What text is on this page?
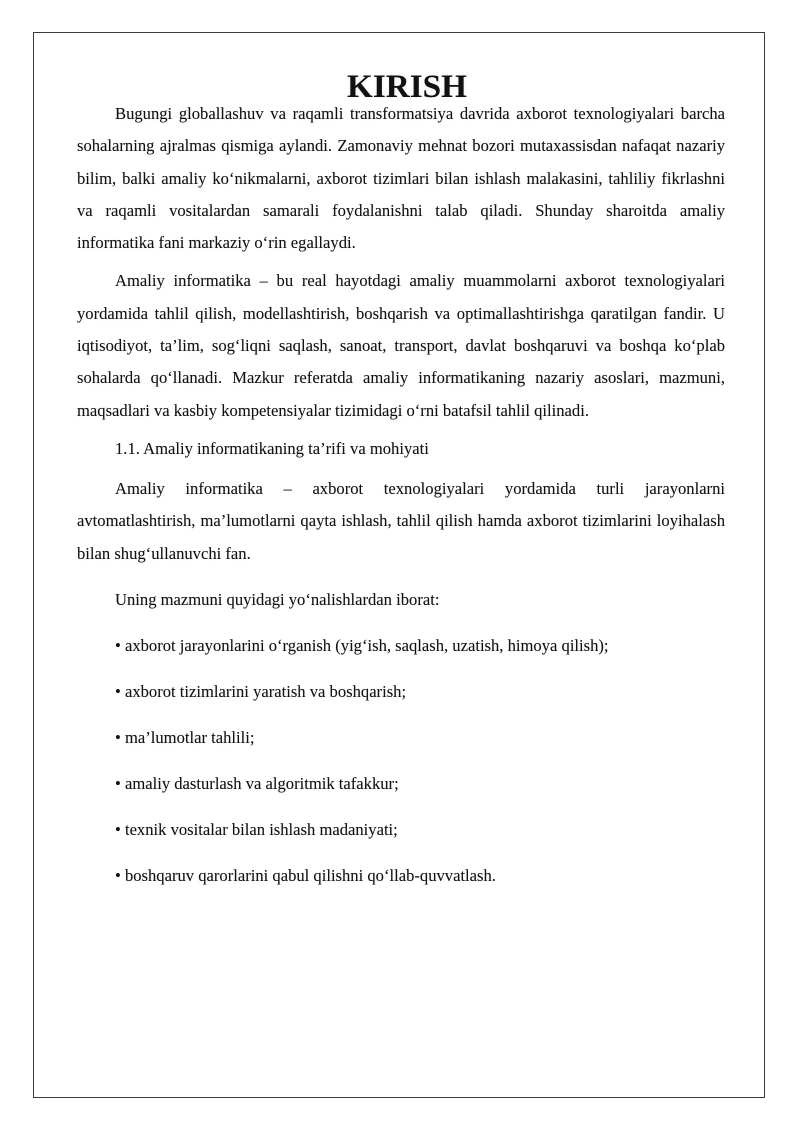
KIRISH

Bugungi globallashuv va raqamli transformatsiya davrida axborot texnologiyalari barcha sohalarning ajralmas qismiga aylandi. Zamonaviy mehnat bozori mutaxassisdan nafaqat nazariy bilim, balki amaliy ko‘nikmalarni, axborot tizimlari bilan ishlash malakasini, tahliliy fikrlashni va raqamli vositalardan samarali foydalanishni talab qiladi. Shunday sharoitda amaliy informatika fani markaziy o‘rin egallaydi.

Amaliy informatika – bu real hayotdagi amaliy muammolarni axborot texnologiyalari yordamida tahlil qilish, modellashtirish, boshqarish va optimallashtirishga qaratilgan fandir. U iqtisodiyot, ta’lim, sog‘liqni saqlash, sanoat, transport, davlat boshqaruvi va boshqa ko‘plab sohalarda qo‘llanadi. Mazkur referatda amaliy informatikaning nazariy asoslari, mazmuni, maqsadlari va kasbiy kompetensiyalar tizimidagi o‘rni batafsil tahlil qilinadi.

1.1. Amaliy informatikaning ta’rifi va mohiyati

Amaliy informatika – axborot texnologiyalari yordamida turli jarayonlarni avtomatlashtirish, ma’lumotlarni qayta ishlash, tahlil qilish hamda axborot tizimlarini loyihalash bilan shug‘ullanuvchi fan.

Uning mazmuni quyidagi yo‘nalishlardan iborat:

• axborot jarayonlarini o‘rganish (yig‘ish, saqlash, uzatish, himoya qilish);

• axborot tizimlarini yaratish va boshqarish;

• ma’lumotlar tahlili;

• amaliy dasturlash va algoritmik tafakkur;

• texnik vositalar bilan ishlash madaniyati;

• boshqaruv qarorlarini qabul qilishni qo‘llab-quvvatlash.
